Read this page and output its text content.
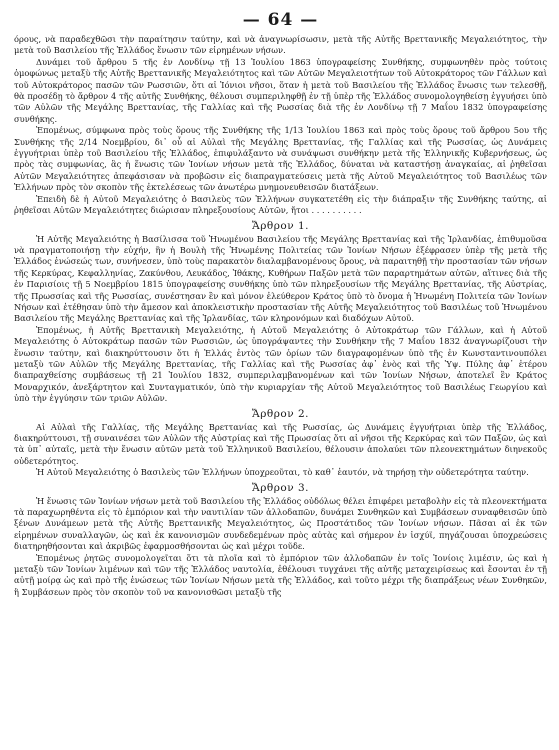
— 64 —

όρους, νὰ παραδεχθῶσι τὴν παραίτησιν ταύτην, καὶ νὰ ἀναγνωρίσωσιν, μετὰ τῆς Αὐτῆς Βρεττανικῆς Μεγαλειότητος, τὴν μετὰ τοῦ Βασιλείου τῆς Ἑλλάδος ἕνωσιν τῶν εἰρημένων νήσων.

Δυνάμει τοῦ ἄρθρου 5 τῆς ἐν Λονδίνῳ τῇ 13 Ἰουλίου 1863 ὑπογραφείσης Συνθήκης, συμφωνηθὲν πρὸς τούτοις ὁμοφώνως μεταξὺ τῆς Αὐτῆς Βρεττανικῆς Μεγαλειότητος καὶ τῶν Αὐτῶν Μεγαλειοτήτων τοῦ Αὐτοκράτορος τῶν Γάλλων καὶ τοῦ Αὐτοκράτορος πασῶν τῶν Ρωσσιῶν, ὅτι αἱ Ἰόνιοι νῆσοι, ὅταν ἡ μετὰ τοῦ Βασιλείου τῆς Ἑλλάδος ἕνωσις των τελεσθῇ, θὰ προσέδῃ τὸ ἄρθρον 4 τῆς αὐτῆς Συνθήκης, θέλουσι συμπεριληφθῇ ἐν τῇ ὑπὲρ τῆς Ἑλλάδος συνομολογηθείσῃ ἐγγυήσει ὑπὸ τῶν Αὐλῶν τῆς Μεγάλης Βρεττανίας, τῆς Γαλλίας καὶ τῆς Ρωσσίας διὰ τῆς ἐν Λονδίνῳ τῇ 7 Μαΐου 1832 ὑπογραφείσης συνθήκης.

Ἐπομένως, σύμφωνα πρὸς τοὺς ὅρους τῆς Συνθήκης τῆς 1/13 Ἰουλίου 1863 καὶ πρὸς τοὺς ὅρους τοῦ ἄρθρου 5ου τῆς Συνθήκης τῆς 2/14 Νοεμβρίου, δι᾽ οὗ αἱ Αὐλαὶ τῆς Μεγάλης Βρεττανίας, τῆς Γαλλίας καὶ τῆς Ρωσσίας, ὡς Δυνάμεις ἐγγυήτριαι ὑπὲρ τοῦ Βασιλείου τῆς Ἑλλάδος, ἐπιφυλάξαντο νὰ συνάψωσι συνθήκην μετὰ τῆς Ἑλληνικῆς Κυβερνήσεως, ὡς πρὸς τὰς συμφωνίας, ἃς ἡ ἕνωσις τῶν Ἰονίων νήσων μετὰ τῆς Ἑλλάδος, δύναται νὰ καταστήσῃ ἀναγκαίας, αἱ ῥηθεῖσαι Αὐτῶν Μεγαλειότητες ἀπεφάσισαν νὰ προβῶσιν εἰς διαπραγματεύσεις μετὰ τῆς Αὐτοῦ Μεγαλειότητος τοῦ Βασιλέως τῶν Ἑλλήνων πρὸς τὸν σκοπὸν τῆς ἐκτελέσεως τῶν ἀνωτέρω μνημονευθεισῶν διατάξεων.

Ἐπειδὴ δὲ ἡ Αὐτοῦ Μεγαλειότης ὁ Βασιλεὺς τῶν Ἑλλήνων συγκατετέθη εἰς τὴν διάπραξιν τῆς Συνθήκης ταύτης, αἱ ῥηθεῖσαι Αὐτῶν Μεγαλειότητες διώρισαν πληρεξουσίους Αὐτῶν, ἤτοι . . . . . . . . . .

Ἄρθρον 1.

Ἡ Αὐτῆς Μεγαλειότης ἡ Βασίλισσα τοῦ Ἡνωμένου Βασιλείου τῆς Μεγάλης Βρεττανίας καὶ τῆς Ἰρλανδίας, ἐπιθυμοῦσα νὰ πραγματοποιήσῃ τὴν εὐχήν, ἣν ἡ Βουλὴ τῆς Ἡνωμένης Πολιτείας τῶν Ἰονίων Νήσων ἐξέφρασεν ὑπὲρ τῆς μετὰ τῆς Ἑλλάδος ἑνώσεώς των, συνήνεσεν, ὑπὸ τοὺς παρακατὸν διαλαμβανομένους ὅρους, νὰ παραιτηθῇ τὴν προστασίαν τῶν νήσων τῆς Κερκύρας, Κεφαλληνίας, Ζακύνθου, Λευκάδος, Ἰθάκης, Κυθήρων Παξῶν μετὰ τῶν παραρτημάτων αὐτῶν, αἵτινες διὰ τῆς ἐν Παρισίοις τῇ 5 Νοεμβρίου 1815 ὑπογραφείσης συνθήκης ὑπὸ τῶν πληρεξουσίων τῆς Μεγάλης Βρεττανίας, τῆς Αὐστρίας, τῆς Πρωσσίας καὶ τῆς Ρωσσίας, συνέστησαν ἓν καὶ μόνον ἐλεύθερον Κράτος ὑπὸ τὸ ὄνομα ἡ Ἡνωμένη Πολιτεία τῶν Ἰονίων Νήσων καὶ ἐτέθησαν ὑπὸ τὴν ἄμεσον καὶ ἀποκλειστικὴν προστασίαν τῆς Αὐτῆς Μεγαλειότητος τοῦ Βασιλέως τοῦ Ἡνωμένου Βασιλείου τῆς Μεγάλης Βρεττανίας καὶ τῆς Ἰρλανδίας, τῶν κληρονόμων καὶ διαδόχων Αὐτοῦ.

Ἐπομένως, ἡ Αὐτῆς Βρεττανικὴ Μεγαλειότης, ἡ Αὐτοῦ Μεγαλειότης ὁ Αὐτοκράτωρ τῶν Γάλλων, καὶ ἡ Αὐτοῦ Μεγαλειότης ὁ Αὐτοκράτωρ πασῶν τῶν Ρωσσιῶν, ὡς ὑπογράψαντες τὴν Συνθήκην τῆς 7 Μαΐου 1832 ἀναγνωρίζουσι τὴν ἕνωσιν ταύτην, καὶ διακηρύττουσιν ὅτι ἡ Ἑλλάς ἐντὸς τῶν ὁρίων τῶν διαγραφομένων ὑπὸ τῆς ἐν Κωνσταντινουπόλει μεταξὺ τῶν Αὐλῶν τῆς Μεγάλης Βρεττανίας, τῆς Γαλλίας καὶ τῆς Ρωσσίας ἀφ᾽ ἑνὸς καὶ τῆς Ὑψ. Πύλης ἀφ᾽ ἑτέρου διαπραχθείσης συμβάσεως τῇ 21 Ἰουλίου 1832, συμπεριλαμβανομένων καὶ τῶν Ἰονίων Νήσων, ἀποτελεῖ ἓν Κράτος Μοναρχικόν, ἀνεξάρτητον καὶ Συνταγματικόν, ὑπὸ τὴν κυριαρχίαν τῆς Αὐτοῦ Μεγαλειότητος τοῦ Βασιλέως Γεωργίου καὶ ὑπὸ τὴν ἐγγύησιν τῶν τριῶν Αὐλῶν.

Ἄρθρον 2.

Αἱ Αὐλαὶ τῆς Γαλλίας, τῆς Μεγάλης Βρεττανίας καὶ τῆς Ρωσσίας, ὡς Δυνάμεις ἐγγυήτριαι ὑπὲρ τῆς Ἑλλάδος, διακηρύττουσι, τῇ συναινέσει τῶν Αὐλῶν τῆς Αὐστρίας καὶ τῆς Πρωσσίας ὅτι αἱ νῆσοι τῆς Κερκύρας καὶ τῶν Παξῶν, ὡς καὶ τὰ ὑπ᾽ αὐταῖς, μετὰ τὴν ἕνωσιν αὐτῶν μετὰ τοῦ Ἑλληνικοῦ Βασιλείου, θέλουσιν ἀπολαύει τῶν πλεονεκτημάτων διηνεκοῦς οὐδετερότητος.

Ἡ Αὐτοῦ Μεγαλειότης ὁ Βασιλεὺς τῶν Ἑλλήνων ὑποχρεοῦται, τὸ καθ᾽ ἑαυτόν, νὰ τηρήσῃ τὴν οὐδετερότητα ταύτην.

Ἄρθρον 3.

Ἡ ἕνωσις τῶν Ἰονίων νήσων μετὰ τοῦ Βασιλείου τῆς Ἑλλάδος οὐδόλως θέλει ἐπιφέρει μεταβολὴν εἰς τὰ πλεονεκτήματα τὰ παραχωρηθέντα εἰς τὸ ἐμπόριον καὶ τὴν ναυτιλίαν τῶν ἀλλοδαπῶν, δυνάμει Συνθηκῶν καὶ Συμβάσεων συναφθεισῶν ὑπὸ ξένων Δυνάμεων μετὰ τῆς Αὐτῆς Βρεττανικῆς Μεγαλειότητος, ὡς Προστάτιδος τῶν Ἰονίων νήσων. Πᾶσαι αἱ ἐκ τῶν εἰρημένων συναλλαγῶν, ὡς καὶ ἐκ κανονισμῶν συνδεδεμένων πρὸς αὐτὰς καὶ σήμερον ἐν ἰσχύϊ, πηγάζουσαι ὑποχρεώσεις διατηρηθήσονται καὶ ἀκριβῶς ἐφαρμοσθήσονται ὡς καὶ μέχρι τοῦδε.

Ἐπομένως ῥητῶς συνομολογεῖται ὅτι τὰ πλοῖα καὶ τὸ ἐμπόριον τῶν ἀλλοδαπῶν ἐν τοῖς Ἰονίοις λιμέσιν, ὡς καὶ ἡ μεταξὺ τῶν Ἰονίων λιμένων καὶ τῶν τῆς Ἑλλάδος ναυτολία, ἐθέλουσι τυγχάνει τῆς αὐτῆς μεταχειρίσεως καὶ ἔσονται ἐν τῇ αὐτῇ μοίρᾳ ὡς καὶ πρὸ τῆς ἑνώσεως τῶν Ἰονίων Νήσων μετὰ τῆς Ἑλλάδος, καὶ τοῦτο μέχρι τῆς διαπράξεως νέων Συνθηκῶν, ἢ Συμβάσεων πρὸς τὸν σκοπὸν τοῦ να κανονισθῶσι μεταξὺ τῆς
